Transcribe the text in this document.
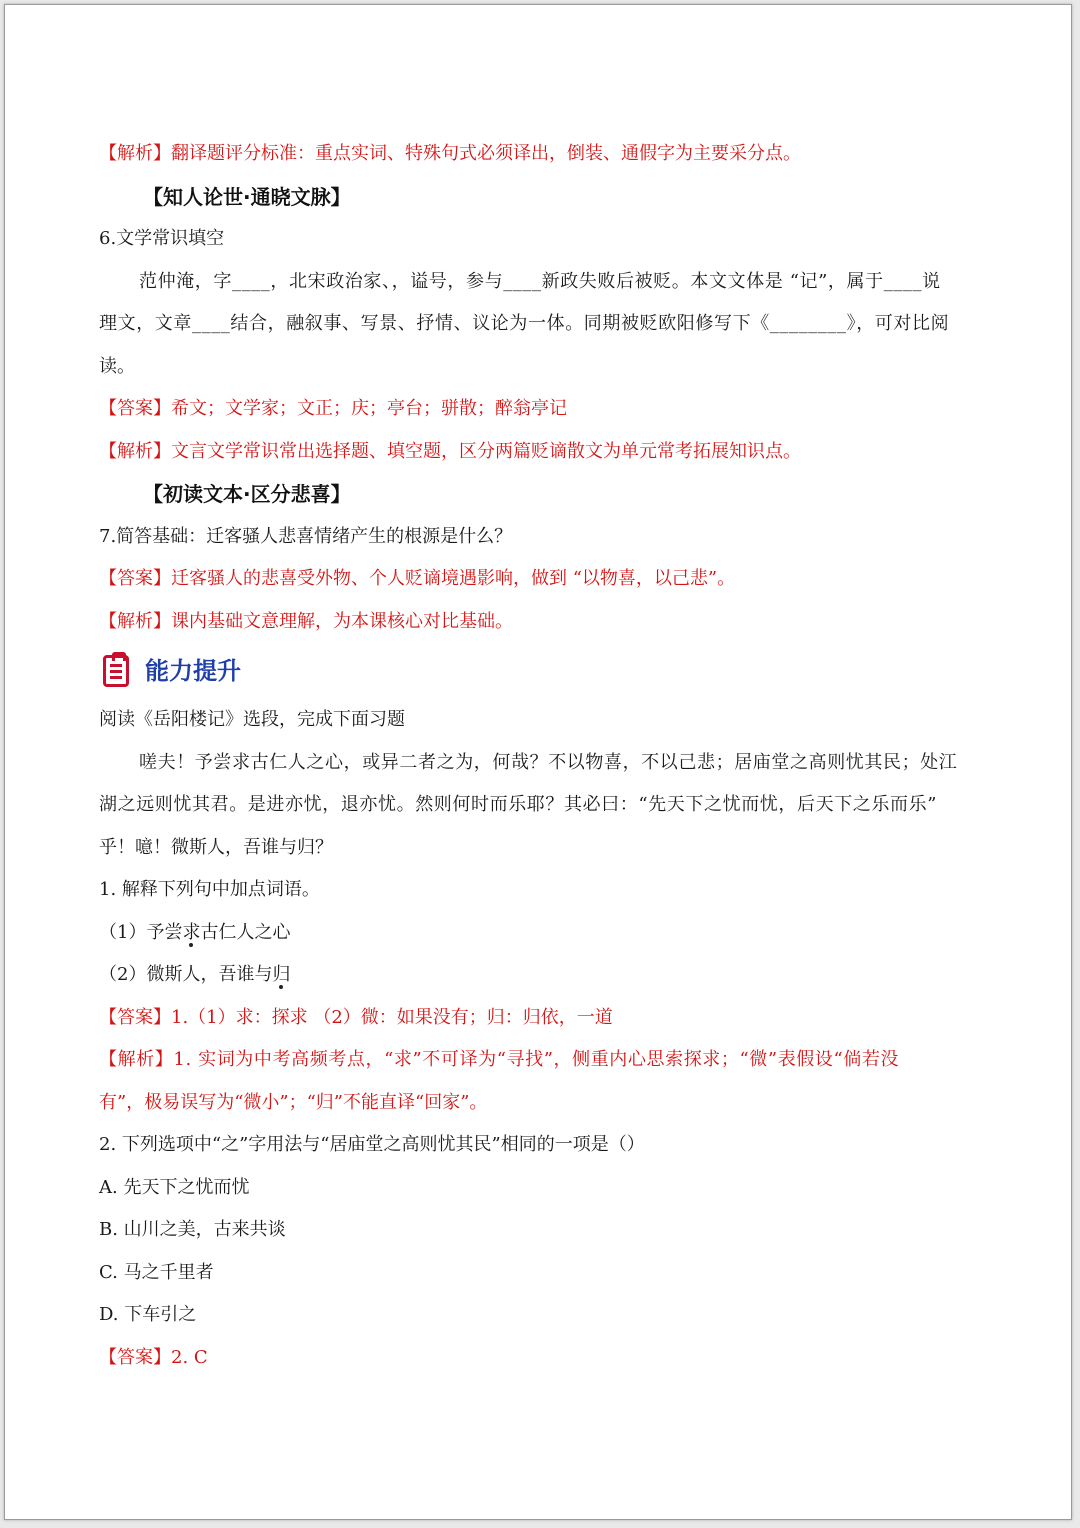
【解析】翻译题评分标准：重点实词、特殊句式必须译出，倒装、通假字为主要采分点。
【知人论世·通晓文脉】
6.文学常识填空
范仲淹，字____，北宋政治家、，谥号，参与____新政失败后被贬。本文文体是 “记”，属于____说
理文，文章____结合，融叙事、写景、抒情、议论为一体。同期被贬欧阳修写下《________》，可对比阅
读。
【答案】希文；文学家；文正；庆；亭台；骈散；醉翁亭记
【解析】文言文学常识常出选择题、填空题，区分两篇贬谪散文为单元常考拓展知识点。
【初读文本·区分悲喜】
7.简答基础：迁客骚人悲喜情绪产生的根源是什么？
【答案】迁客骚人的悲喜受外物、个人贬谪境遇影响，做到 “以物喜，以己悲”。
【解析】课内基础文意理解，为本课核心对比基础。
能力提升
阅读《岳阳楼记》选段，完成下面习题
嗟夫！予尝求古仁人之心，或异二者之为，何哉？不以物喜，不以己悲；居庙堂之高则忧其民；处江
湖之远则忧其君。是进亦忧，退亦忧。然则何时而乐耶？其必曰：“先天下之忧而忧，后天下之乐而乐”
乎！噫！微斯人，吾谁与归？
1. 解释下列句中加点词语。
（1）予尝求古仁人之心
（2）微斯人，吾谁与归
【答案】1.（1）求：探求 （2）微：如果没有；归：归依，一道
【解析】1. 实词为中考高频考点，“求”不可译为“寻找”，侧重内心思索探求；“微”表假设“倘若没
有”，极易误写为“微小”；“归”不能直译“回家”。
2. 下列选项中“之”字用法与“居庙堂之高则忧其民”相同的一项是（）
A. 先天下之忧而忧
B. 山川之美，古来共谈
C. 马之千里者
D. 下车引之
【答案】2. C
